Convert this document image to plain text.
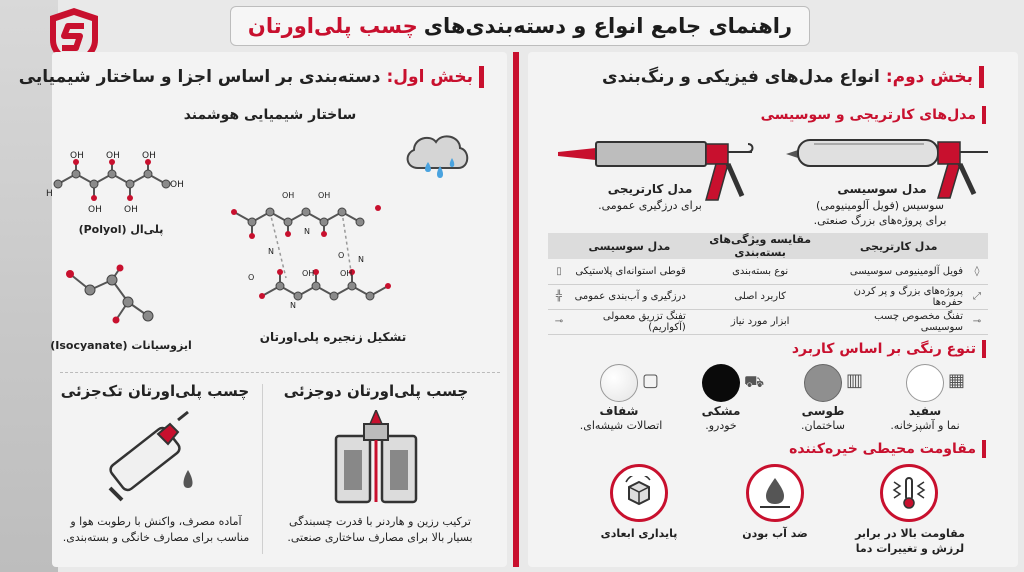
راهنمای جامع انواع و دسته‌بندی‌های
چسب پلی‌اورتان
بخش اول:
دسته‌بندی بر اساس اجزا و ساختار شیمیایی
ساختار شیمیایی هوشمند
OH OH OH
OH OH
OH
H
پلی‌ال (Polyol)
ایزوسیانات (Isocyanate)
OH	OH
N
N	O N
OH	OH
N
O
تشکیل زنجیره پلی‌اورتان
چسب پلی‌اورتان تک‌جزئی
آماده مصرف، واکنش با رطوبت هوا و
مناسب برای مصارف خانگی و بسته‌بندی.
چسب پلی‌اورتان دوجزئی
ترکیب رزین و هاردنر با قدرت چسبندگی
بسیار بالا برای مصارف ساختاری صنعتی.
بخش دوم:
انواع مدل‌های فیزیکی و رنگ‌بندی
مدل‌های کارتریجی و سوسیسی
مدل کارتریجی
برای درزگیری عمومی.
مدل سوسیسی
سوسیس (فویل آلومینیومی)
برای پروژه‌های بزرگ صنعتی.
	مدل کارتریجی	مقایسه ویژگی‌های بسته‌بندی	مدل سوسیسی	
◊	فویل آلومینیومی سوسیسی	نوع بسته‌بندی	قوطی استوانه‌ای پلاستیکی	▯
⤢	پروژه‌های بزرگ و پر کردن حفره‌ها	کاربرد اصلی	درزگیری و آب‌بندی عمومی	╬
⊸	تفنگ مخصوص چسب سوسیسی	ابزار مورد نیاز	تفنگ تزریق معمولی (آکواریم)	⊸
تنوع رنگی بر اساس کاربرد
▦
سفید
نما و آشپزخانه.
▥
طوسی
ساختمان.
⛟
مشکی
خودرو.
▢
شفاف
اتصالات شیشه‌ای.
مقاومت محیطی خیره‌کننده
مقاومت بالا در برابر
لرزش و تغییرات دما
ضد آب بودن
پایداری ابعادی
